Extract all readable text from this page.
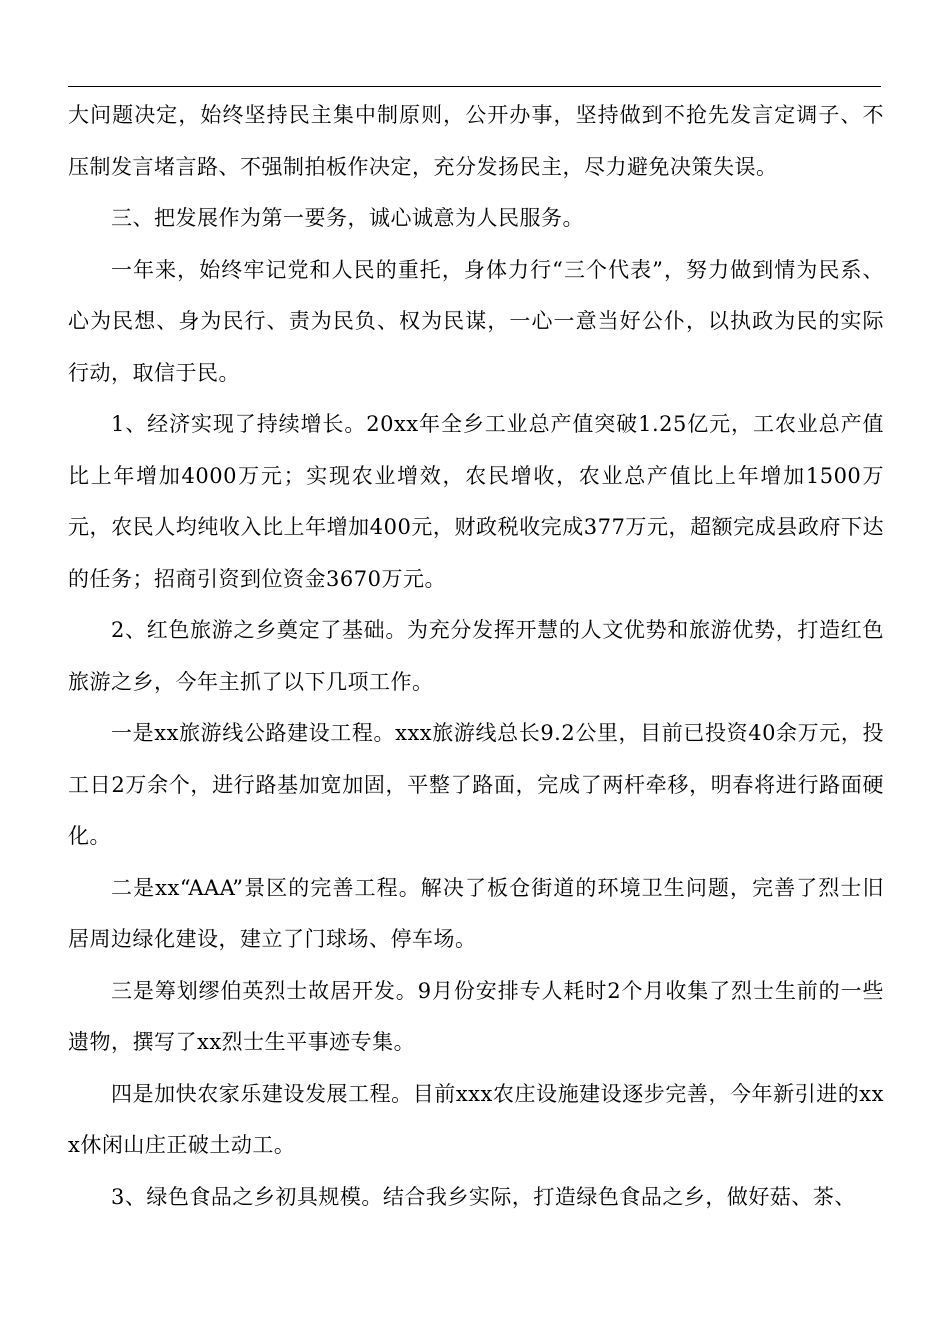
大问题决定，始终坚持民主集中制原则，公开办事，坚持做到不抢先发言定调子、不压制发言堵言路、不强制拍板作决定，充分发扬民主，尽力避免决策失误。

三、把发展作为第一要务，诚心诚意为人民服务。

一年来，始终牢记党和人民的重托，身体力行“三个代表”，努力做到情为民系、心为民想、身为民行、责为民负、权为民谋，一心一意当好公仆，以执政为民的实际行动，取信于民。

1、经济实现了持续增长。20xx年全乡工业总产值突破1.25亿元，工农业总产值比上年增加4000万元；实现农业增效，农民增收，农业总产值比上年增加1500万元，农民人均纯收入比上年增加400元，财政税收完成377万元，超额完成县政府下达的任务；招商引资到位资金3670万元。

2、红色旅游之乡奠定了基础。为充分发挥开慧的人文优势和旅游优势，打造红色旅游之乡，今年主抓了以下几项工作。

一是xx旅游线公路建设工程。xxx旅游线总长9.2公里，目前已投资40余万元，投工日2万余个，进行路基加宽加固，平整了路面，完成了两杆牵移，明春将进行路面硬化。

二是xx“AAA”景区的完善工程。解决了板仓街道的环境卫生问题，完善了烈士旧居周边绿化建设，建立了门球场、停车场。

三是筹划缪伯英烈士故居开发。9月份安排专人耗时2个月收集了烈士生前的一些遗物，撰写了xx烈士生平事迹专集。

四是加快农家乐建设发展工程。目前xxx农庄设施建设逐步完善，今年新引进的xxx休闲山庄正破土动工。

3、绿色食品之乡初具规模。结合我乡实际，打造绿色食品之乡，做好菇、茶、
